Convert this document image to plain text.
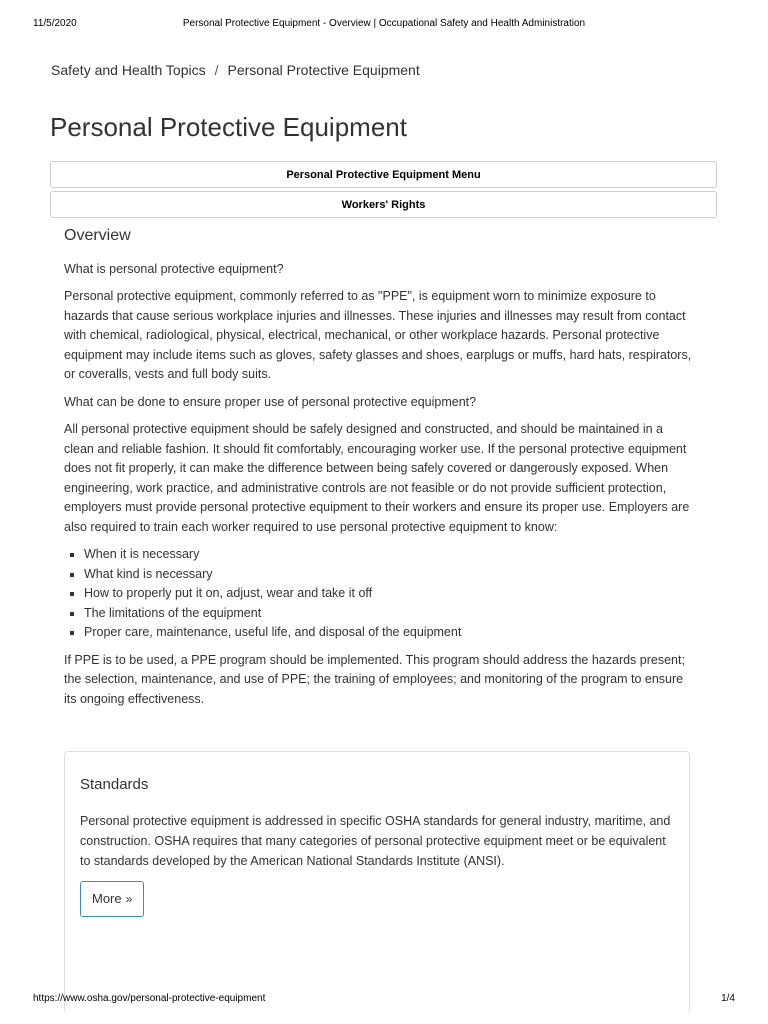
11/5/2020	Personal Protective Equipment - Overview | Occupational Safety and Health Administration
Safety and Health Topics / Personal Protective Equipment
Personal Protective Equipment
Personal Protective Equipment Menu
Workers' Rights
Overview

What is personal protective equipment?

Personal protective equipment, commonly referred to as "PPE", is equipment worn to minimize exposure to hazards that cause serious workplace injuries and illnesses. These injuries and illnesses may result from contact with chemical, radiological, physical, electrical, mechanical, or other workplace hazards. Personal protective equipment may include items such as gloves, safety glasses and shoes, earplugs or muffs, hard hats, respirators, or coveralls, vests and full body suits.

What can be done to ensure proper use of personal protective equipment?

All personal protective equipment should be safely designed and constructed, and should be maintained in a clean and reliable fashion. It should fit comfortably, encouraging worker use. If the personal protective equipment does not fit properly, it can make the difference between being safely covered or dangerously exposed. When engineering, work practice, and administrative controls are not feasible or do not provide sufficient protection, employers must provide personal protective equipment to their workers and ensure its proper use. Employers are also required to train each worker required to use personal protective equipment to know:

▪ When it is necessary
▪ What kind is necessary
▪ How to properly put it on, adjust, wear and take it off
▪ The limitations of the equipment
▪ Proper care, maintenance, useful life, and disposal of the equipment

If PPE is to be used, a PPE program should be implemented. This program should address the hazards present; the selection, maintenance, and use of PPE; the training of employees; and monitoring of the program to ensure its ongoing effectiveness.

Standards

Personal protective equipment is addressed in specific OSHA standards for general industry, maritime, and construction. OSHA requires that many categories of personal protective equipment meet or be equivalent to standards developed by the American National Standards Institute (ANSI).

More »
https://www.osha.gov/personal-protective-equipment	1/4
